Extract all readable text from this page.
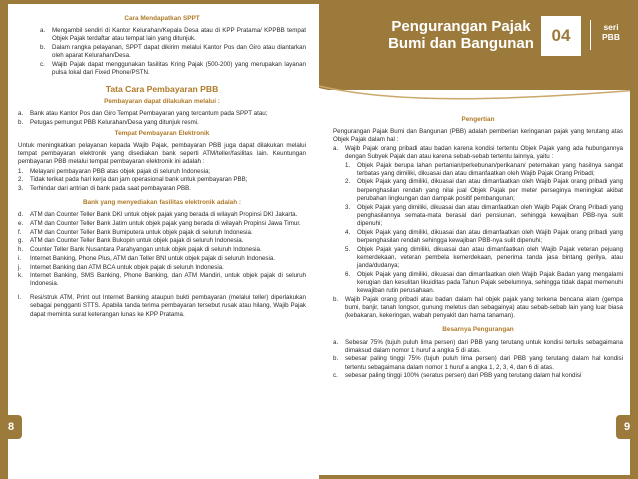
8
Cara Mendapatkan SPPT
a.	Mengambil sendiri di Kantor Kelurahan/Kepala Desa atau di KPP Pratama/ KPPBB tempat Objek Pajak terdaftar atau tempat lain yang ditunjuk.
b.	Dalam rangka pelayanan, SPPT dapat dikirim melalui Kantor Pos dan Giro atau diantarkan oleh aparat Kelurahan/Desa.
c.	Wajib Pajak dapat menggunakan fasilitas Kring Pajak (500-200) yang merupakan layanan pulsa lokal dari Fixed Phone/PSTN.
Tata Cara Pembayaran PBB
Pembayaran dapat dilakukan melalui :
a.	Bank atau Kantor Pos dan Giro Tempat Pembayaran yang tercantum pada SPPT atau;
b.	Petugas pemungut PBB Kelurahan/Desa yang ditunjuk resmi.
Tempat Pembayaran Elektronik

Untuk meningkatkan pelayanan kepada Wajib Pajak, pembayaran PBB juga dapat dilakukan melalui tempat pembayaran elektronik yang disediakan bank seperti ATM/teller/fasilitas lain. Keuntungan pembayaran PBB melalui tempat pembayaran elektronik ini adalah :

1.	Melayani pembayaran PBB atas objek pajak di seluruh Indonesia;
2.	Tidak terikat pada hari kerja dan jam operasional bank untuk pembayaran PBB;
3.	Terhindar dari antrian di bank pada saat pembayaran PBB.
Bank yang menyediakan fasilitas elektronik adalah :
d.	ATM dan Counter Teller Bank DKI untuk objek pajak yang berada di wilayah Propinsi DKI Jakarta.
e.	ATM dan Counter Teller Bank Jatim untuk objek pajak yang berada di wilayah Propinsi Jawa Timur.
f.	ATM dan Counter Teller Bank Bumiputera untuk objek pajak di seluruh Indonesia.
g.	ATM dan Counter Teller Bank Bukopin untuk objek pajak di seluruh Indonesia.
h.	Counter Teller Bank Nusantara Parahyangan untuk objek pajak di seluruh Indonesia.
i.	Internet Banking, Phone Plus, ATM dan Teller BNI untuk objek pajak di seluruh Indonesia.
j.	Internet Banking dan ATM BCA untuk objek pajak di seluruh Indonesia.
k.	Internet Banking, SMS Banking, Phone Banking, dan ATM Mandiri, untuk objek pajak di seluruh Indonesia.
l.	Resi/struk ATM, Print out Internet Banking ataupun bukti pembayaran (melalui teller) diperlakukan sebagai pengganti STTS. Apabila tanda terima pembayaran tersebut rusak atau hilang, Wajib Pajak dapat meminta surat keterangan lunas ke KPP Pratama.
Pengurangan Pajak
Bumi dan Bangunan	04	seri
PBB
9
Pengertian

Pengurangan Pajak Bumi dan Bangunan (PBB) adalah pemberian keringanan pajak yang terutang atas Objek Pajak dalam hal :

a.	Wajib Pajak orang pribadi atau badan karena kondisi tertentu Objek Pajak yang ada hubungannya dengan Subyek Pajak dan atau karena sebab-sebab tertentu lainnya, yaitu :
1.	Objek Pajak berupa lahan pertanian/perkebunan/perikanan/ peternakan yang hasilnya sangat terbatas yang dimiliki, dikuasai dan atau dimanfaatkan oleh Wajib Pajak Orang Pribadi;
2.	Objek Pajak yang dimiliki, dikuasai dan atau dimanfaatkan oleh Wajib Pajak orang pribadi yang berpenghasilan rendah yang nilai jual Objek Pajak per meter perseginya meningkat akibat perubahan lingkungan dan dampak positif pembangunan;
3.	Objek Pajak yang dimiliki, dikuasai dan atau dimanfaatkan oleh Wajib Pajak Orang Pribadi yang penghasilannya semata-mata berasal dari pensiunan, sehingga kewajiban PBB-nya sulit dipenuhi;
4.	Objek Pajak yang dimiliki, dikuasai dan atau dimanfaatkan oleh Wajib Pajak orang pribadi yang berpenghasilan rendah sehingga kewajiban PBB-nya sulit dipenuhi;
5.	Objek Pajak yang dimiliki, dikuasai dan atau dimanfaatkan oleh Wajib Pajak veteran pejuang kemerdekaan, veteran pembela kemerdekaan, penerima tanda jasa bintang gerilya, atau janda/dudanya;
6.	Objek Pajak yang dimiliki, dikuasai dan dimanfaatkan oleh Wajib Pajak Badan yang mengalami kerugian dan kesulitan likuiditas pada Tahun Pajak sebelumnya, sehingga tidak dapat memenuhi kewajiban rutin perusahaan.
b.	Wajib Pajak orang pribadi atau badan dalam hal objek pajak yang terkena bencana alam (gempa bumi, banjir, tanah longsor, gunung meletus dan sebagainya) atau sebab-sebab lain yang luar biasa (kebakaran, kekeringan, wabah penyakit dan hama tanaman).
Besarnya Pengurangan
a.	Sebesar 75% (tujuh puluh lima persen) dari PBB yang terutang untuk kondisi tertulis sebagaimana dimaksud dalam nomor 1 huruf a angka 5 di atas.
b.	sebesar paling tinggi 75% (tujuh puluh lima persen) dari PBB yang terutang dalam hal kondisi tertentu sebagaimana dalam nomor 1 huruf a angka 1, 2, 3, 4, dan 6 di atas.
c.	sebesar paling tinggi 100% (seratus persen) dari PBB yang terutang dalam hal kondisi
